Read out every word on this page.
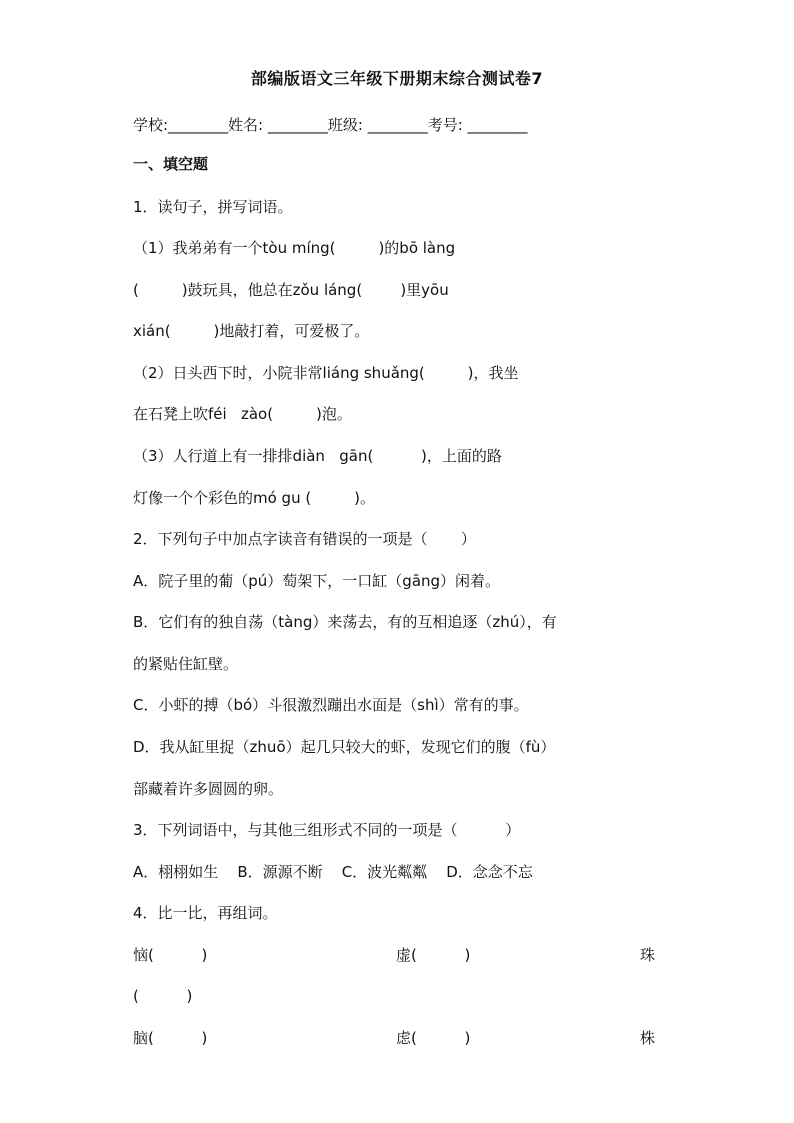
部编版语文三年级下册期末综合测试卷7
学校:________姓名: ________班级: ________考号: ________
一、填空题
1．读句子，拼写词语。
（1）我弟弟有一个tòu míng(         )的bō làng
(         )鼓玩具，他总在zǒu láng(        )里yōu
xián(         )地敲打着，可爱极了。
（2）日头西下时，小院非常liáng shuǎng(         )，我坐
在石凳上吹féi   zào(         )泡。
（3）人行道上有一排排diàn   gān(          )，上面的路
灯像一个个彩色的mó gu (         )。
2．下列句子中加点字读音有错误的一项是（       ）
A．院子里的葡（pú）萄架下，一口缸（gāng）闲着。
B．它们有的独自荡（tàng）来荡去，有的互相追逐（zhú），有
的紧贴住缸壁。
C．小虾的搏（bó）斗很激烈蹦出水面是（shì）常有的事。
D．我从缸里捉（zhuō）起几只较大的虾，发现它们的腹（fù）
部藏着许多圆圆的卵。
3．下列词语中，与其他三组形式不同的一项是（          ）
A．栩栩如生    B．源源不断    C．波光粼粼    D．念念不忘
4．比一比，再组词。
恼(          )	虚(          )	珠
(          )
脑(          )	虑(          )	株
